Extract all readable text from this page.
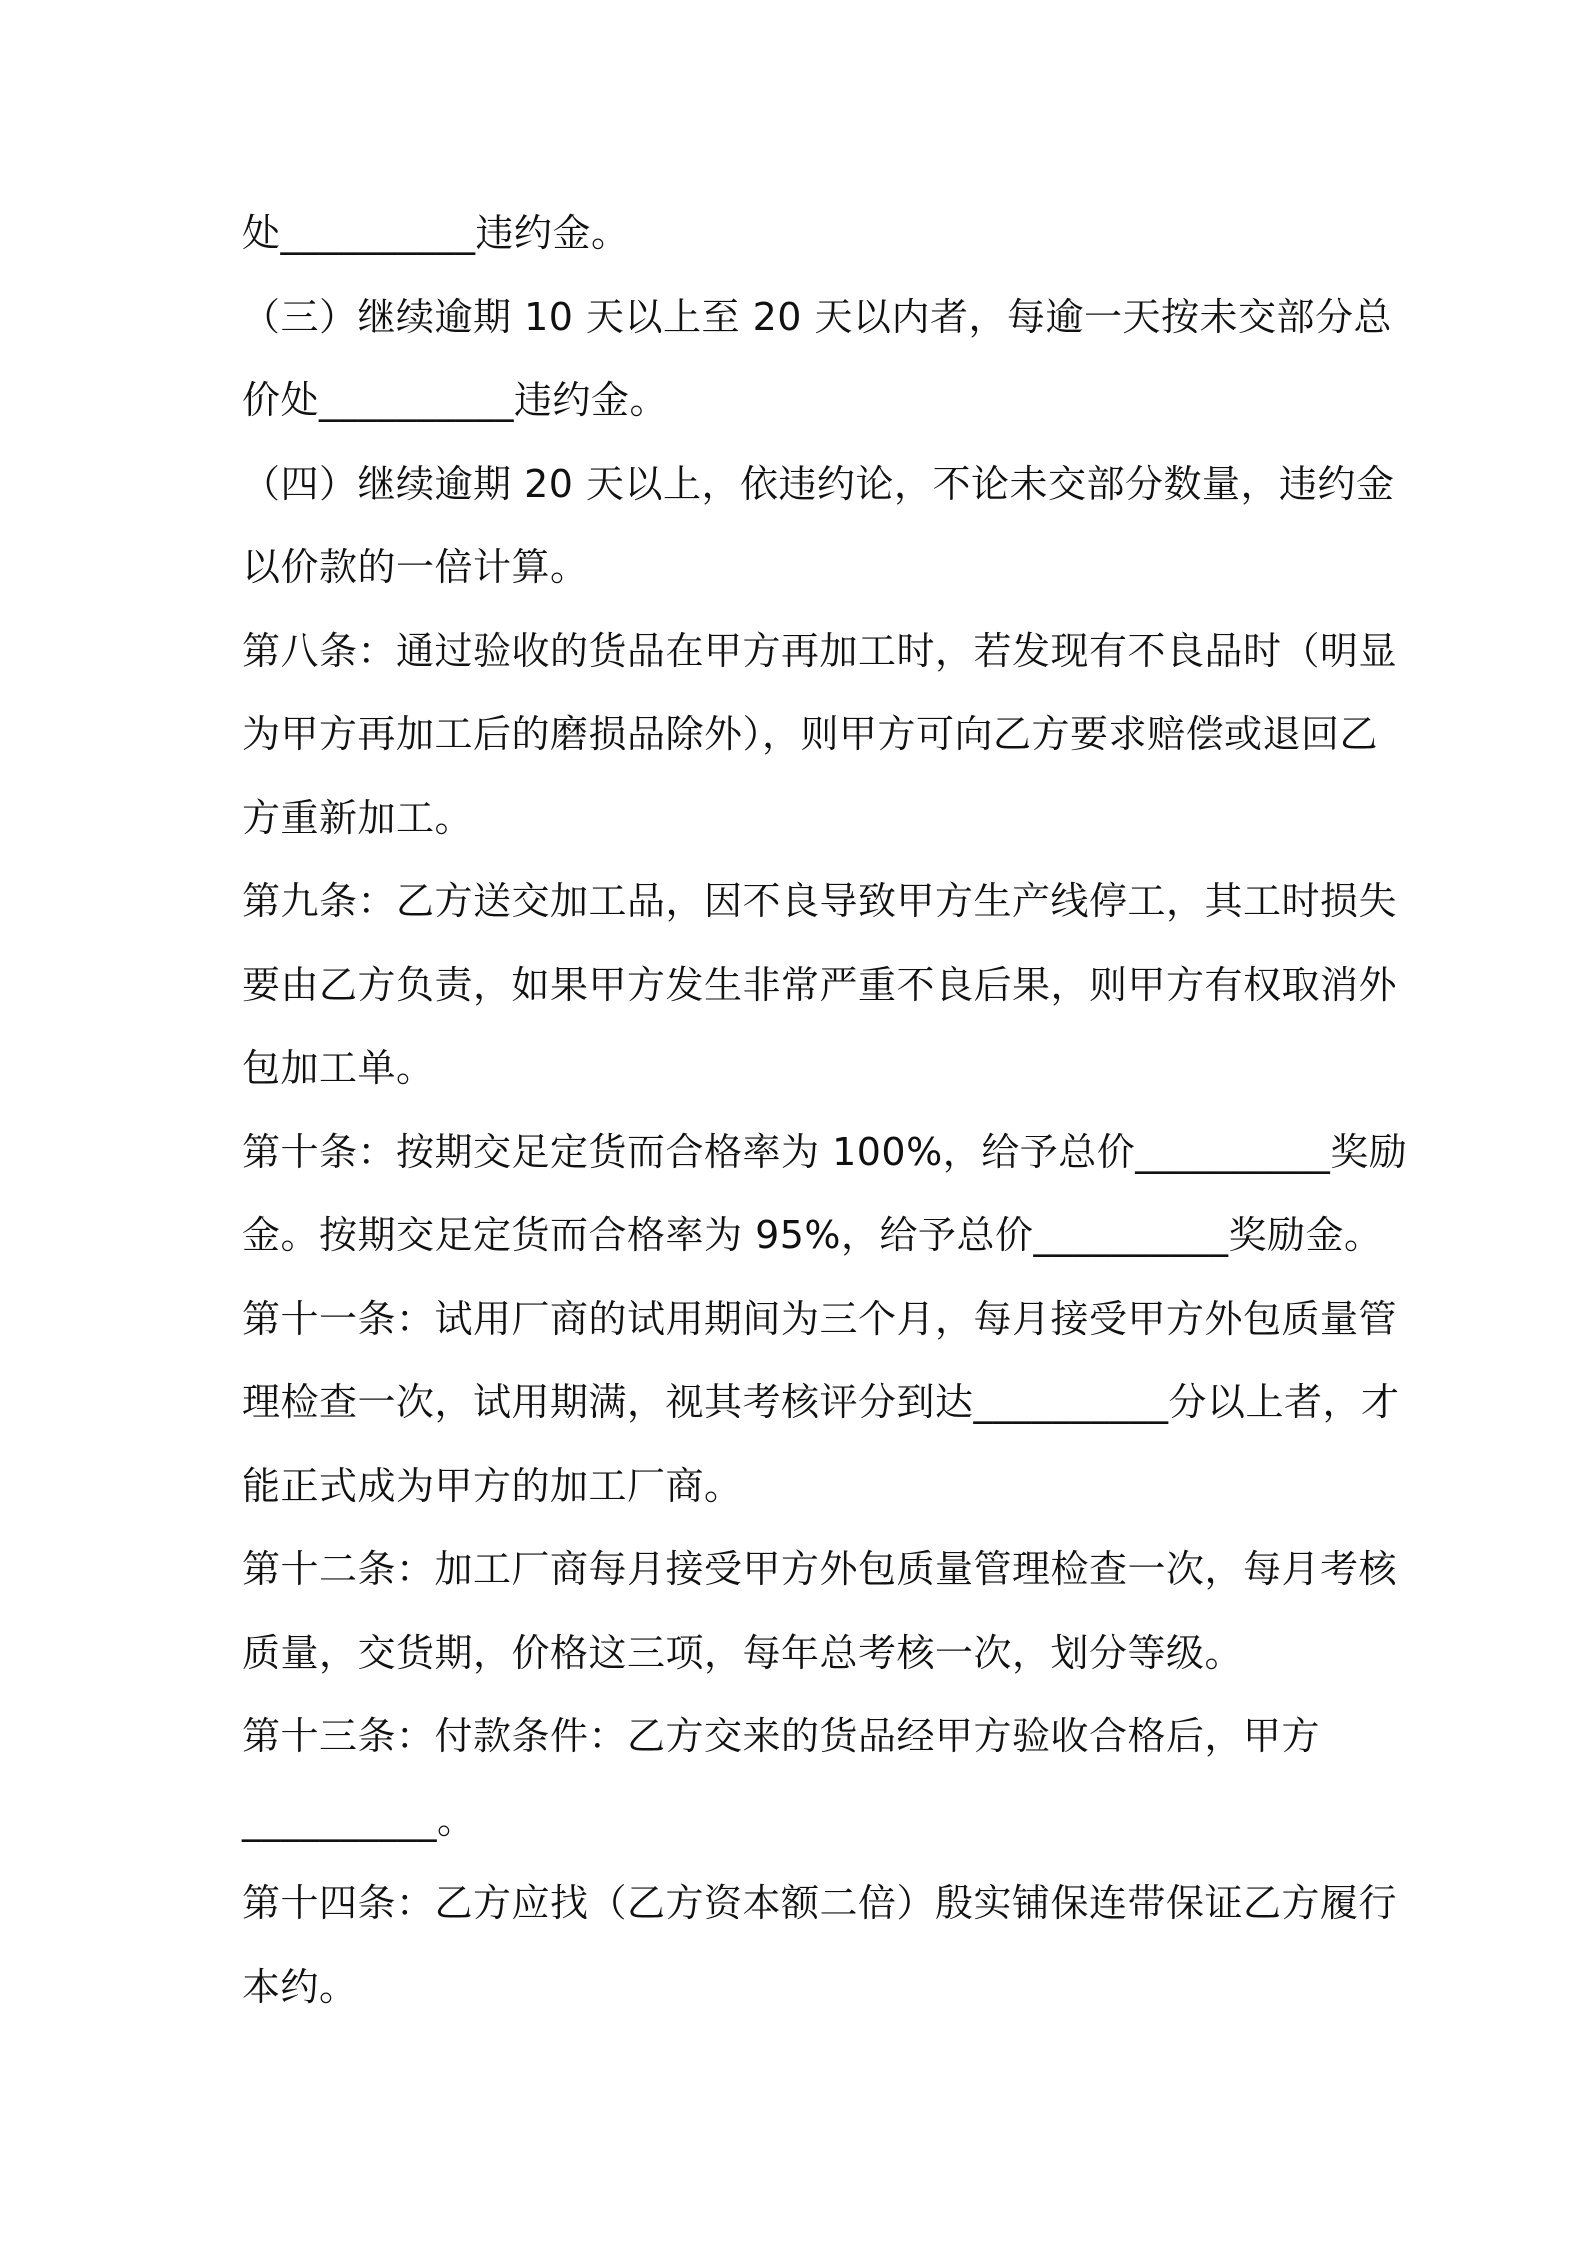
处__________违约金。

（三）继续逾期 10 天以上至 20 天以内者，每逾一天按未交部分总

价处__________违约金。

（四）继续逾期 20 天以上，依违约论，不论未交部分数量，违约金

以价款的一倍计算。

第八条：通过验收的货品在甲方再加工时，若发现有不良品时（明显

为甲方再加工后的磨损品除外），则甲方可向乙方要求赔偿或退回乙

方重新加工。

第九条：乙方送交加工品，因不良导致甲方生产线停工，其工时损失

要由乙方负责，如果甲方发生非常严重不良后果，则甲方有权取消外

包加工单。

第十条：按期交足定货而合格率为 100%，给予总价__________奖励

金。按期交足定货而合格率为 95%，给予总价__________奖励金。

第十一条：试用厂商的试用期间为三个月，每月接受甲方外包质量管

理检查一次，试用期满，视其考核评分到达__________分以上者，才

能正式成为甲方的加工厂商。

第十二条：加工厂商每月接受甲方外包质量管理检查一次，每月考核

质量，交货期，价格这三项，每年总考核一次，划分等级。

第十三条：付款条件：乙方交来的货品经甲方验收合格后，甲方

__________。

第十四条：乙方应找（乙方资本额二倍）殷实铺保连带保证乙方履行

本约。
